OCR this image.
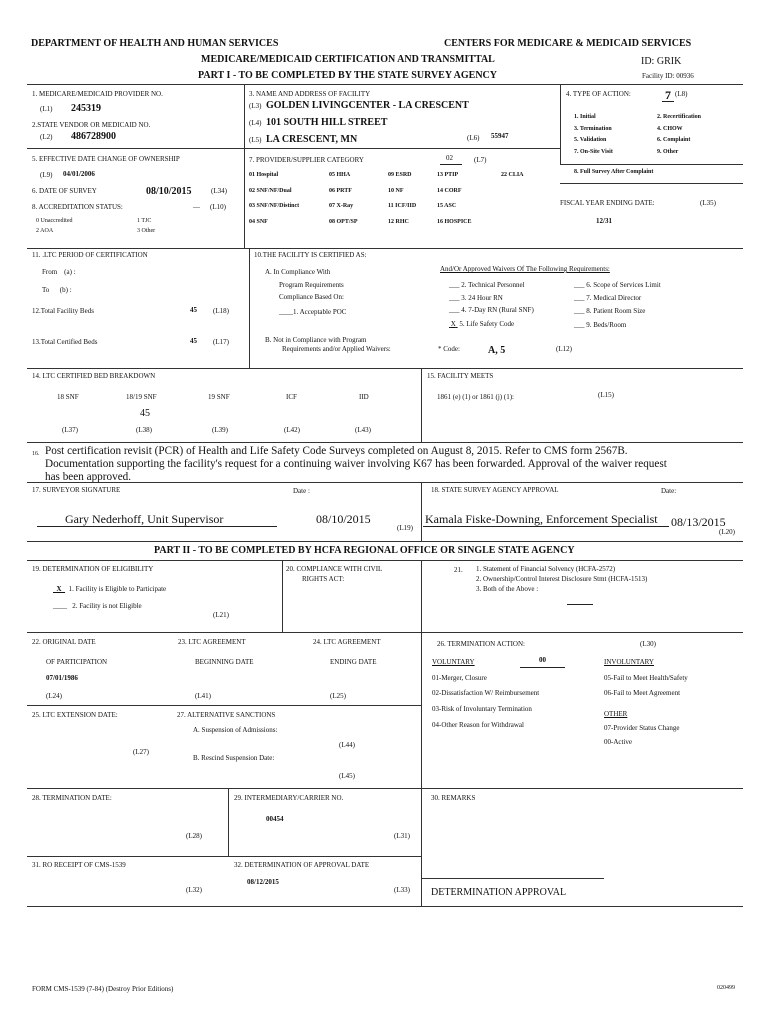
DEPARTMENT OF HEALTH AND HUMAN SERVICES	CENTERS FOR MEDICARE & MEDICAID SERVICES
MEDICARE/MEDICAID CERTIFICATION AND TRANSMITTAL	ID: GRIK
PART I - TO BE COMPLETED BY THE STATE SURVEY AGENCY	Facility ID: 00936
1. MEDICARE/MEDICAID PROVIDER NO.
(L1) 245319
2.STATE VENDOR OR MEDICAID NO.
(L2) 486728900
3. NAME AND ADDRESS OF FACILITY
(L3) GOLDEN LIVINGCENTER - LA CRESCENT
(L4) 101 SOUTH HILL STREET
(L5) LA CRESCENT, MN	(L6) 55947
4. TYPE OF ACTION:	7 (L8)
1. Initial
3. Termination
5. Validation
7. On-Site Visit
2. Recertification
4. CHOW
6. Complaint
9. Other
8. Full Survey After Complaint
5. EFFECTIVE DATE CHANGE OF OWNERSHIP
(L9) 04/01/2006
6. DATE OF SURVEY	08/10/2015	(L34)
8. ACCREDITATION STATUS:	__ (L10)
0 Unaccredited	1 TJC
2 AOA	3 Other
7. PROVIDER/SUPPLIER CATEGORY	02	(L7)
01 Hospital	05 HHA	09 ESRD	13 PTIP	22 CLIA
02 SNF/NF/Dual	06 PRTF	10 NF	14 CORF
03 SNF/NF/Distinct	07 X-Ray	11 ICF/IID	15 ASC
04 SNF	08 OPT/SP	12 RHC	16 HOSPICE
FISCAL YEAR ENDING DATE:	(L35)
12/31
11. .LTC PERIOD OF CERTIFICATION
From (a) :
To (b) :
12.Total Facility Beds	45 (L18)
13.Total Certified Beds	45 (L17)
10.THE FACILITY IS CERTIFIED AS:
A. In Compliance With
Program Requirements
Compliance Based On:
____1. Acceptable POC
B. Not in Compliance with Program
Requirements and/or Applied Waivers:
And/Or Approved Waivers Of The Following Requirements:
___ 2. Technical Personnel
___ 3. 24 Hour RN
___ 4. 7-Day RN (Rural SNF)
X 5. Life Safety Code
___ 6. Scope of Services Limit
___ 7. Medical Director
___ 8. Patient Room Size
___ 9. Beds/Room
* Code:	A, 5	(L12)
14. LTC CERTIFIED BED BREAKDOWN
18 SNF	18/19 SNF	19 SNF	ICF	IID
45
(L37)	(L38)	(L39)	(L42)	(L43)
15. FACILITY MEETS
1861 (e) (1) or 1861 (j) (1):	(L15)
16. Post certification revisit (PCR) of Health and Life Safety Code Surveys completed on August 8, 2015. Refer to CMS form 2567B.
Documentation supporting the facility's request for a continuing waiver involving K67 has been forwarded. Approval of the waiver request
has been approved.
17. SURVEYOR SIGNATURE	Date :
Gary Nederhoff, Unit Supervisor	08/10/2015
(L19)
18. STATE SURVEY AGENCY APPROVAL	Date:
Kamala Fiske-Downing, Enforcement Specialist 08/13/2015
(L20)
PART II - TO BE COMPLETED BY HCFA REGIONAL OFFICE OR SINGLE STATE AGENCY
19. DETERMINATION OF ELIGIBILITY
X 1. Facility is Eligible to Participate
____   2. Facility is not Eligible
(L21)
20. COMPLIANCE WITH CIVIL
RIGHTS ACT:
21. 1. Statement of Financial Solvency (HCFA-2572)
2. Ownership/Control Interest Disclosure Stmt (HCFA-1513)
3. Both of the Above :
22. ORIGINAL DATE
OF PARTICIPATION
07/01/1986
(L24)
23. LTC AGREEMENT
BEGINNING DATE
(L41)
24. LTC AGREEMENT
ENDING DATE
(L25)
25. LTC EXTENSION DATE:
(L27)
27. ALTERNATIVE SANCTIONS
A. Suspension of Admissions:
(L44)
B. Rescind Suspension Date:
(L45)
26. TERMINATION ACTION:	(L30)
VOLUNTARY	00	INVOLUNTARY
01-Merger, Closure
02-Dissatisfaction W/ Reimbursement
03-Risk of Involuntary Termination
04-Other Reason for Withdrawal
05-Fail to Meet Health/Safety
06-Fail to Meet Agreement
OTHER
07-Provider Status Change
00-Active
28. TERMINATION DATE:
(L28)
29. INTERMEDIARY/CARRIER NO.
00454
(L31)
30. REMARKS
31. RO RECEIPT OF CMS-1539
(L32)
32. DETERMINATION OF APPROVAL DATE
08/12/2015
(L33) DETERMINATION APPROVAL
FORM CMS-1539 (7-84) (Destroy Prior Editions)	020499
